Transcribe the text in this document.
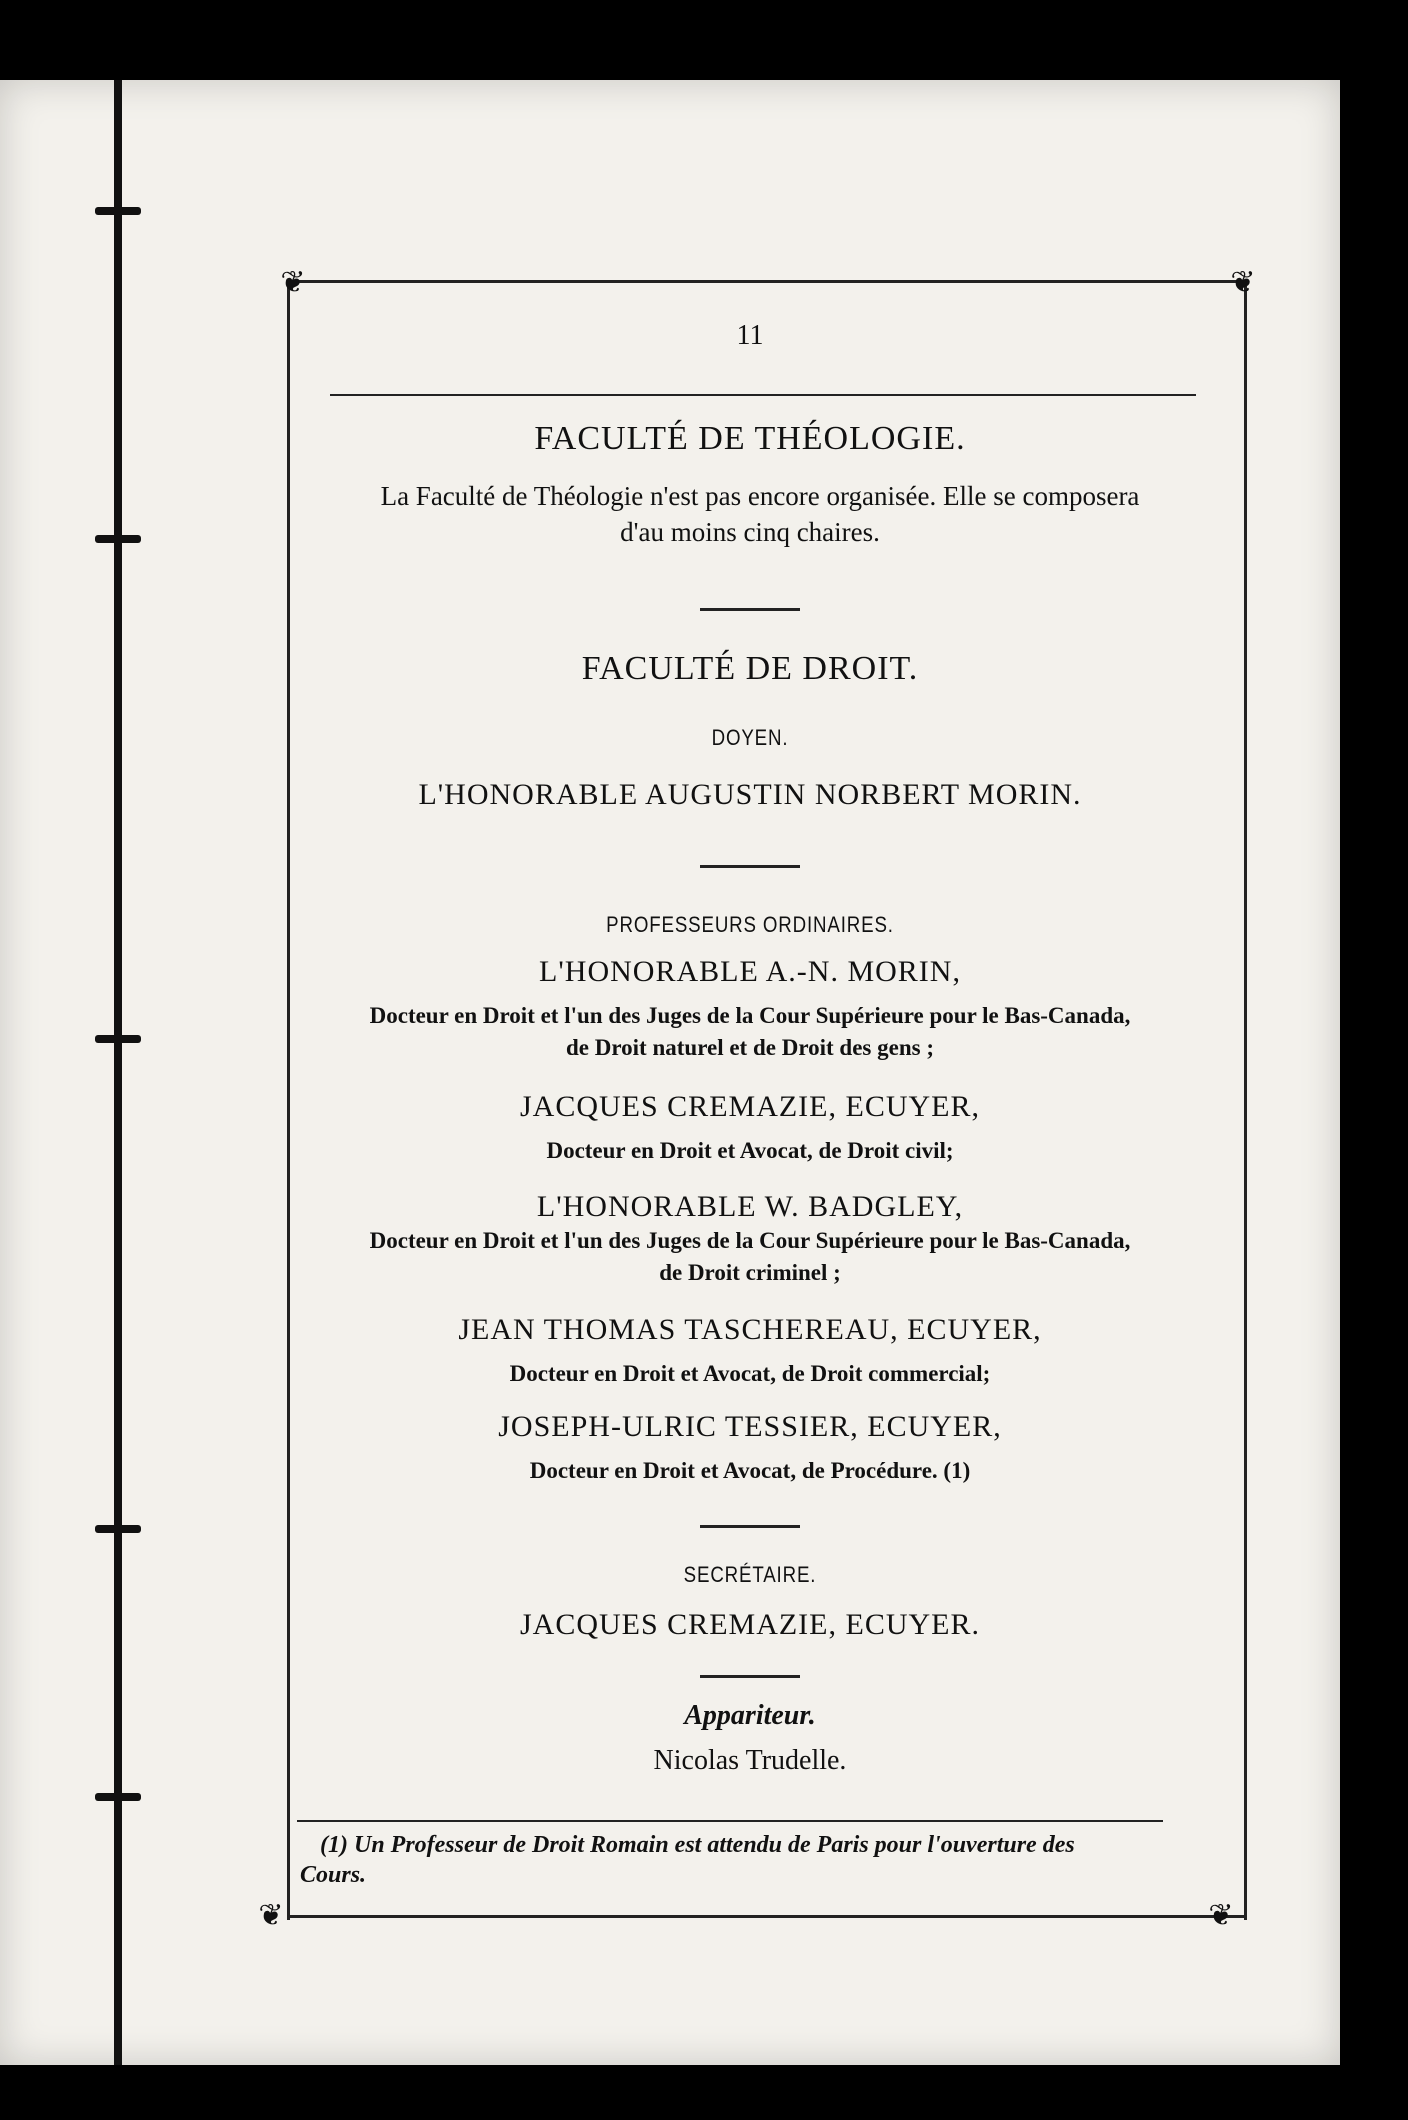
❦	❦
❦	❦
11
FACULTÉ DE THÉOLOGIE.
La Faculté de Théologie n'est pas encore organisée. Elle se composera
d'au moins cinq chaires.
FACULTÉ DE DROIT.
DOYEN.
L'HONORABLE AUGUSTIN NORBERT MORIN.
PROFESSEURS ORDINAIRES.
L'HONORABLE A.-N. MORIN,
Docteur en Droit et l'un des Juges de la Cour Supérieure pour le Bas-Canada,
de Droit naturel et de Droit des gens ;
JACQUES CREMAZIE, ECUYER,
Docteur en Droit et Avocat, de Droit civil;
L'HONORABLE W. BADGLEY,
Docteur en Droit et l'un des Juges de la Cour Supérieure pour le Bas-Canada,
de Droit criminel ;
JEAN THOMAS TASCHEREAU, ECUYER,
Docteur en Droit et Avocat, de Droit commercial;
JOSEPH-ULRIC TESSIER, ECUYER,
Docteur en Droit et Avocat, de Procédure. (1)
SECRÉTAIRE.
JACQUES CREMAZIE, ECUYER.
Appariteur.
Nicolas Trudelle.
(1) Un Professeur de Droit Romain est attendu de Paris pour l'ouverture des
Cours.
